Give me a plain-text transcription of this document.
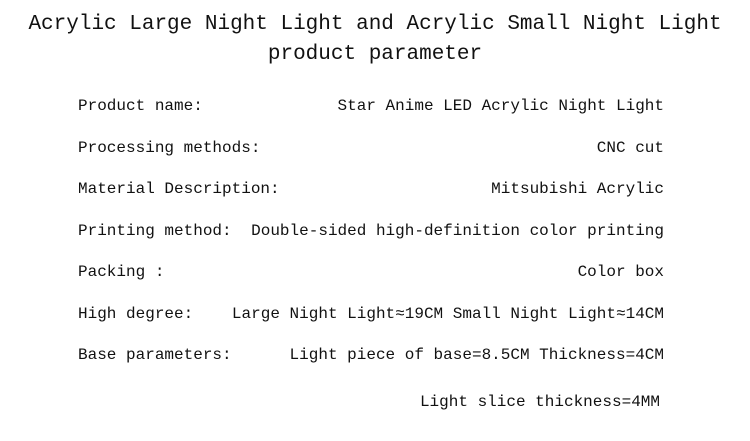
Acrylic Large Night Light and Acrylic Small Night Light
product parameter
Product name:	Star Anime LED Acrylic Night Light
Processing methods:	CNC cut
Material Description:	Mitsubishi Acrylic
Printing method: Double-sided high-definition color printing
Packing :	Color box
High degree: Large Night Light≈19CM Small Night Light≈14CM
Base parameters:	Light piece of base=8.5CM Thickness=4CM
Light slice thickness=4MM
